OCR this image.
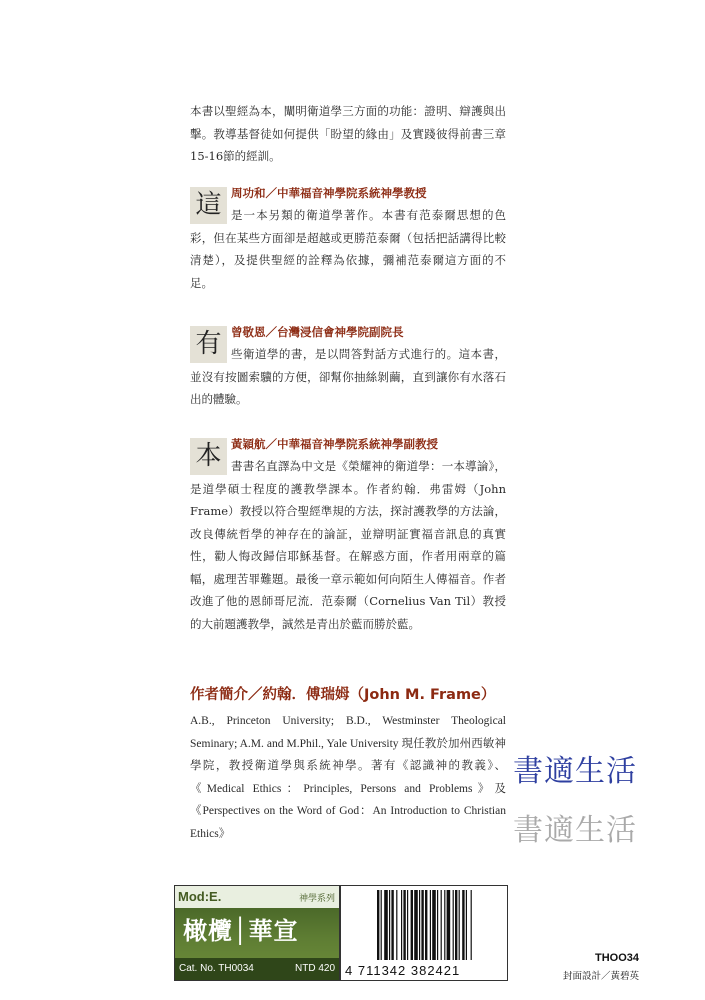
本書以聖經為本，闡明衛道學三方面的功能：證明、辯護與出擊。教導基督徒如何提供「盼望的緣由」及實踐彼得前書三章15-16節的經訓。
這 周功和／中華福音神學院系統神學教授
是一本另類的衛道學著作。本書有范泰爾思想的色彩，但在某些方面卻是超越或更勝范泰爾（包括把話講得比較清楚），及提供聖經的詮釋為依據，彌補范泰爾這方面的不足。
有 曾敬恩／台灣浸信會神學院副院長
些衛道學的書，是以問答對話方式進行的。這本書，並沒有按圖索驥的方便，卻幫你抽絲剝繭，直到讓你有水落石出的體驗。
本 黃穎航／中華福音神學院系統神學副教授
書書名直譯為中文是《榮耀神的衛道學：一本導論》，是道學碩士程度的護教學課本。作者約翰．弗雷姆（John Frame）教授以符合聖經準規的方法，探討護教學的方法論，改良傳統哲學的神存在的論証，並辯明証實福音訊息的真實性，勸人悔改歸信耶穌基督。在解惑方面，作者用兩章的篇幅，處理苦罪難題。最後一章示範如何向陌生人傳福音。作者改進了他的恩師哥尼流．范泰爾（Cornelius Van Til）教授的大前題護教學，誠然是青出於藍而勝於藍。
作者簡介／約翰．傅瑞姆（John M. Frame）
A.B., Princeton University; B.D., Westminster Theological Seminary; A.M. and M.Phil., Yale University 現任教於加州西敏神學院，教授衛道學與系統神學。著有《認識神的教義》、《Medical Ethics：Principles, Persons and Problems》及《Perspectives on the Word of God：An Introduction to Christian Ethics》
書適生活
書適生活
Mod:E.	神學系列
橄欖│華宣
Cat. No. TH0034	NTD 420 4 711342 382421
THOO34
封面設計／黃碧英
